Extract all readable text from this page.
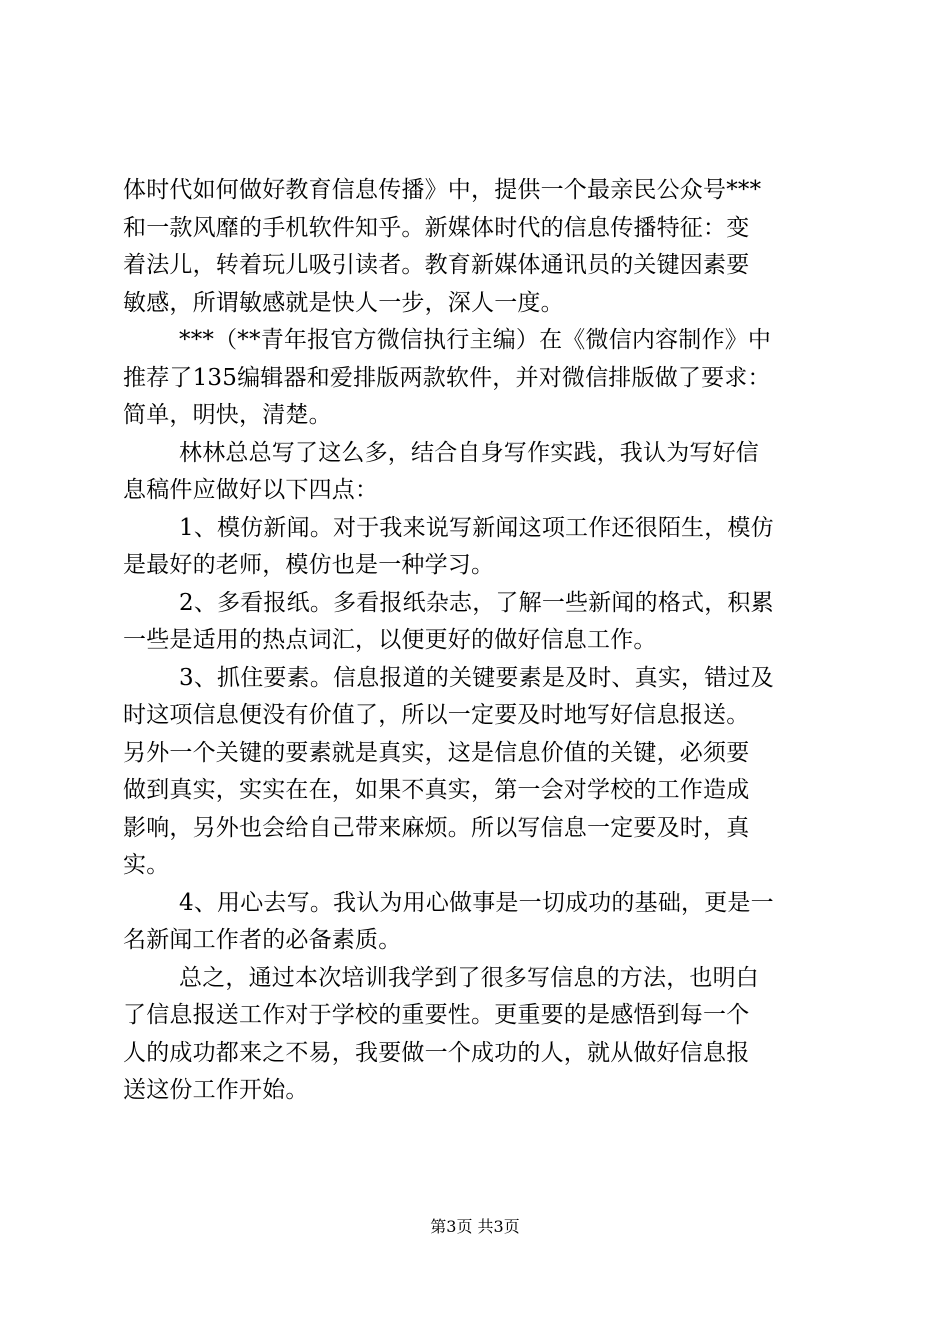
体时代如何做好教育信息传播》中，提供一个最亲民公众号***
和一款风靡的手机软件知乎。新媒体时代的信息传播特征：变
着法儿，转着玩儿吸引读者。教育新媒体通讯员的关键因素要
敏感，所谓敏感就是快人一步，深人一度。
***（**青年报官方微信执行主编）在《微信内容制作》中
推荐了135编辑器和爱排版两款软件，并对微信排版做了要求：
简单，明快，清楚。
林林总总写了这么多，结合自身写作实践，我认为写好信
息稿件应做好以下四点：
1、模仿新闻。对于我来说写新闻这项工作还很陌生，模仿
是最好的老师，模仿也是一种学习。
2、多看报纸。多看报纸杂志，了解一些新闻的格式，积累
一些是适用的热点词汇，以便更好的做好信息工作。
3、抓住要素。信息报道的关键要素是及时、真实，错过及
时这项信息便没有价值了，所以一定要及时地写好信息报送。
另外一个关键的要素就是真实，这是信息价值的关键，必须要
做到真实，实实在在，如果不真实，第一会对学校的工作造成
影响，另外也会给自己带来麻烦。所以写信息一定要及时，真
实。
4、用心去写。我认为用心做事是一切成功的基础，更是一
名新闻工作者的必备素质。
总之，通过本次培训我学到了很多写信息的方法，也明白
了信息报送工作对于学校的重要性。更重要的是感悟到每一个
人的成功都来之不易，我要做一个成功的人，就从做好信息报
送这份工作开始。
第3页 共3页
